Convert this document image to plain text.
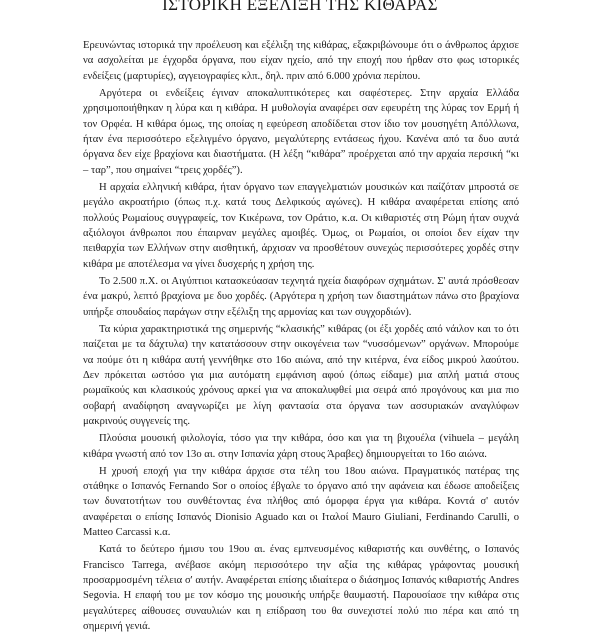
ΙΣΤΟΡΙΚΗ ΕΞΕΛΙΞΗ ΤΗΣ ΚΙΘΑΡΑΣ

Ερευνώντας ιστορικά την προέλευση και εξέλιξη της κιθάρας, εξακριβώνουμε ότι ο άνθρωπος άρχισε να ασχολείται με έγχορδα όργανα, που είχαν ηχείο, από την εποχή που ήρθαν στο φως ιστορικές ενδείξεις (μαρτυρίες), αγγειογραφίες κλπ., δηλ. πριν από 6.000 χρόνια περίπου.

Αργότερα οι ενδείξεις έγιναν αποκαλυπτικότερες και σαφέστερες. Στην αρχαία Ελλάδα χρησιμοποιήθηκαν η λύρα και η κιθάρα. Η μυθολογία αναφέρει σαν εφευρέτη της λύρας τον Ερμή ή τον Ορφέα. Η κιθάρα όμως, της οποίας η εφεύρεση αποδίδεται στον ίδιο τον μουσηγέτη Απόλλωνα, ήταν ένα περισσότερο εξελιγμένο όργανο, μεγαλύτερης εντάσεως ήχου. Κανένα από τα δυο αυτά όργανα δεν είχε βραχίονα και διαστήματα. (Η λέξη “κιθάρα” προέρχεται από την αρχαία περσική “κι – ταρ”, που σημαίνει “τρεις χορδές”).

Η αρχαία ελληνική κιθάρα, ήταν όργανο των επαγγελματιών μουσικών και παίζόταν μπροστά σε μεγάλο ακροατήριο (όπως π.χ. κατά τους Δελφικούς αγώνες). Η κιθάρα αναφέρεται επίσης από πολλούς Ρωμαίους συγγραφείς, τον Κικέρωνα, τον Οράτιο, κ.α. Οι κιθαριστές στη Ρώμη ήταν συχνά αξιόλογοι άνθρωποι που έπαιρναν μεγάλες αμοιβές. Όμως, οι Ρωμαίοι, οι οποίοι δεν είχαν την πειθαρχία των Ελλήνων στην αισθητική, άρχισαν να προσθέτουν συνεχώς περισσότερες χορδές στην κιθάρα με αποτέλεσμα να γίνει δυσχερής η χρήση της.

Το 2.500 π.Χ. οι Αιγύπτιοι κατασκεύασαν τεχνητά ηχεία διαφόρων σχημάτων. Σ' αυτά πρόσθεσαν ένα μακρύ, λεπτό βραχίονα με δυο χορδές. (Αργότερα η χρήση των διαστημάτων πάνω στο βραχίονα υπήρξε σπουδαίος παράγων στην εξέλιξη της αρμονίας και των συγχορδιών).

Τα κύρια χαρακτηριστικά της σημερινής “κλασικής” κιθάρας (οι έξι χορδές από νάιλον και το ότι παίζεται με τα δάχτυλα) την κατατάσσουν στην οικογένεια των “νυσσόμενων” οργάνων. Μπορούμε να πούμε ότι η κιθάρα αυτή γεννήθηκε στο 16ο αιώνα, από την κιτέρνα, ένα είδος μικρού λαούτου. Δεν πρόκειται ωστόσο για μια αυτόματη εμφάνιση αφού (όπως είδαμε) μια απλή ματιά στους ρωμαϊκούς και κλασικούς χρόνους αρκεί για να αποκαλυφθεί μια σειρά από προγόνους και μια πιο σοβαρή αναδίφηση αναγνωρίζει με λίγη φαντασία στα όργανα των ασσυριακών αναγλύφων μακρινούς συγγενείς της.

Πλούσια μουσική φιλολογία, τόσο για την κιθάρα, όσο και για τη βιχουέλα (vihuela – μεγάλη κιθάρα γνωστή από τον 13ο αι. στην Ισπανία χάρη στους Άραβες) δημιουργείται το 16ο αιώνα.

Η χρυσή εποχή για την κιθάρα άρχισε στα τέλη του 18ου αιώνα. Πραγματικός πατέρας της στάθηκε ο Ισπανός Fernando Sor ο οποίος έβγαλε το όργανο από την αφάνεια και έδωσε αποδείξεις των δυνατοτήτων του συνθέτοντας ένα πλήθος από όμορφα έργα για κιθάρα. Κοντά σ' αυτόν αναφέρεται ο επίσης Ισπανός Dionisio Aguado και οι Ιταλοί Mauro Giuliani, Ferdinando Carulli, ο Matteo Carcassi κ.α.

Κατά το δεύτερο ήμισυ του 19ου αι. ένας εμπνευσμένος κιθαριστής και συνθέτης, ο Ισπανός Francisco Tarrega, ανέβασε ακόμη περισσότερο την αξία της κιθάρας γράφοντας μουσική προσαρμοσμένη τέλεια σ' αυτήν. Αναφέρεται επίσης ιδιαίτερα ο διάσημος Ισπανός κιθαριστής Andres Segovia. Η επαφή του με τον κόσμο της μουσικής υπήρξε θαυμαστή. Παρουσίασε την κιθάρα στις μεγαλύτερες αίθουσες συναυλιών και η επίδραση του θα συνεχιστεί πολύ πιο πέρα και από τη σημερινή γενιά.
